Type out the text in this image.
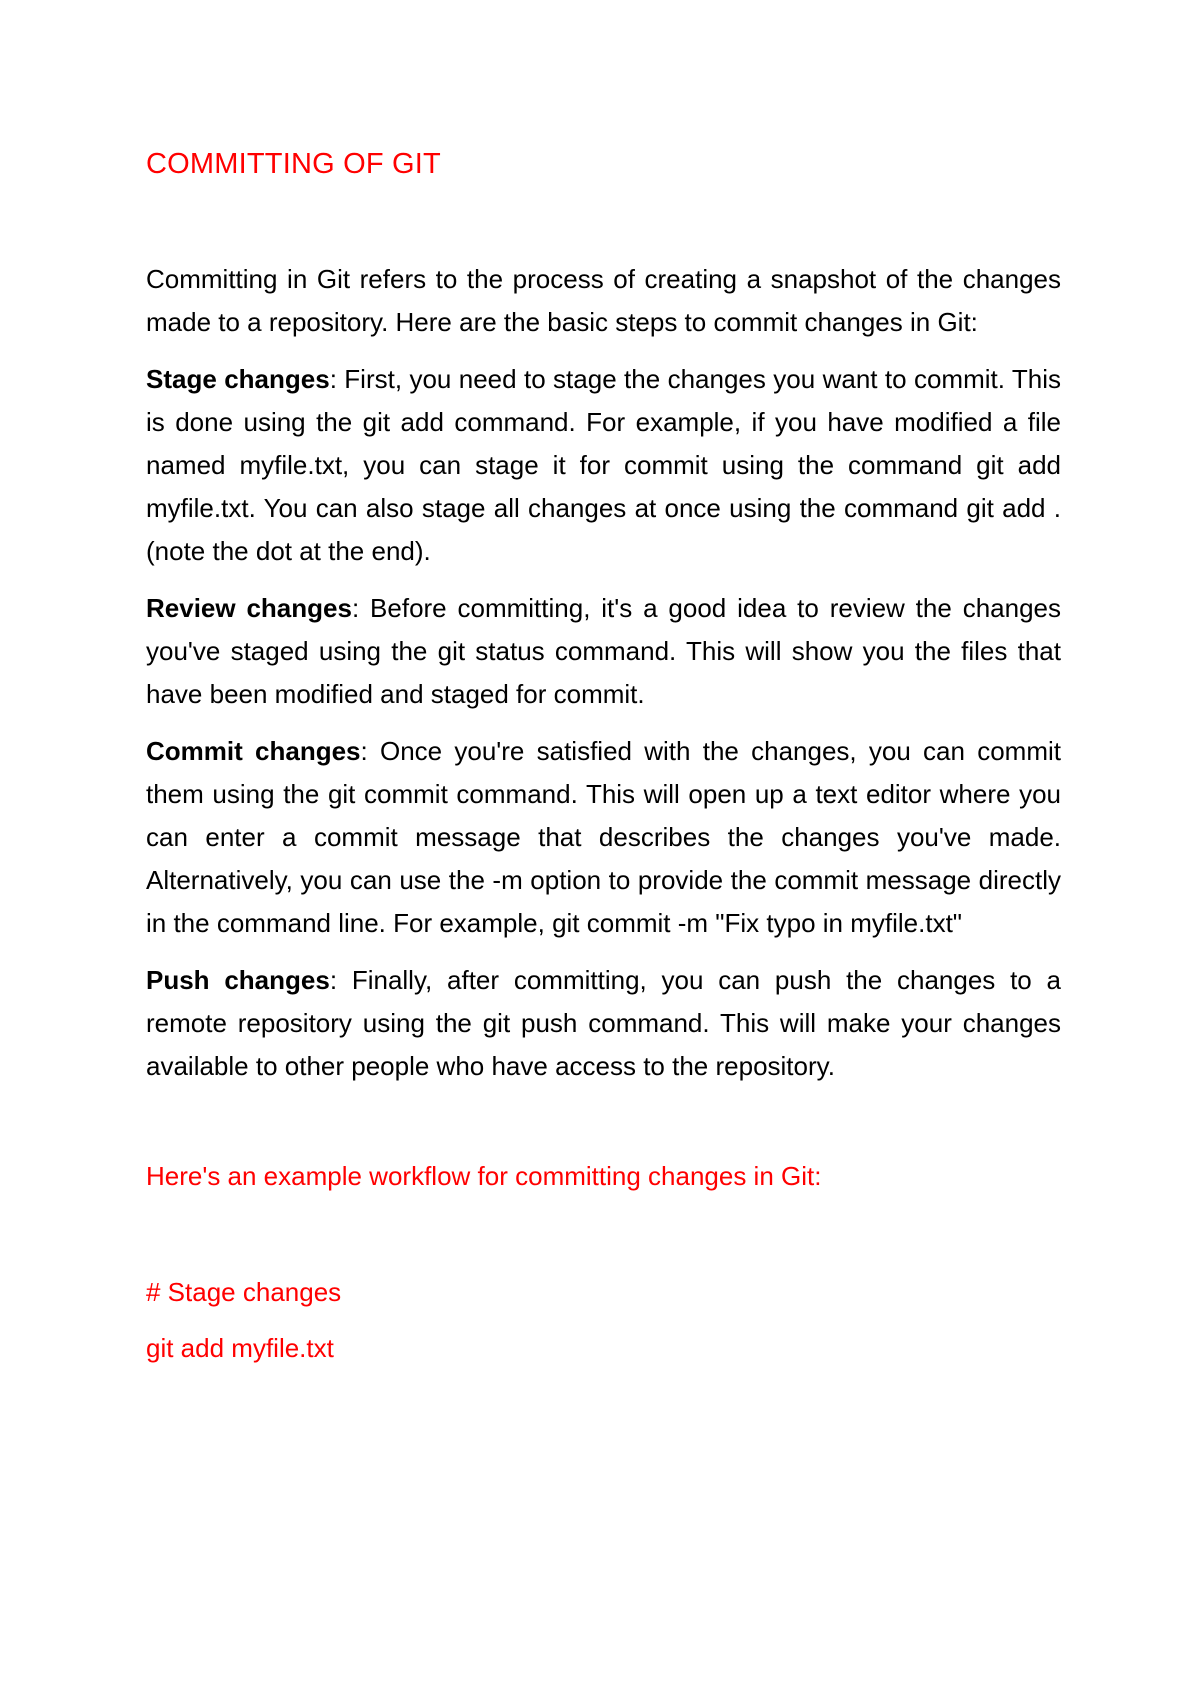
COMMITTING OF GIT

Committing in Git refers to the process of creating a snapshot of the changes made to a repository. Here are the basic steps to commit changes in Git:

Stage changes: First, you need to stage the changes you want to commit. This is done using the git add command. For example, if you have modified a file named myfile.txt, you can stage it for commit using the command git add myfile.txt. You can also stage all changes at once using the command git add . (note the dot at the end).

Review changes: Before committing, it's a good idea to review the changes you've staged using the git status command. This will show you the files that have been modified and staged for commit.

Commit changes: Once you're satisfied with the changes, you can commit them using the git commit command. This will open up a text editor where you can enter a commit message that describes the changes you've made. Alternatively, you can use the -m option to provide the commit message directly in the command line. For example, git commit -m "Fix typo in myfile.txt"

Push changes: Finally, after committing, you can push the changes to a remote repository using the git push command. This will make your changes available to other people who have access to the repository.

Here's an example workflow for committing changes in Git:

# Stage changes

git add myfile.txt
